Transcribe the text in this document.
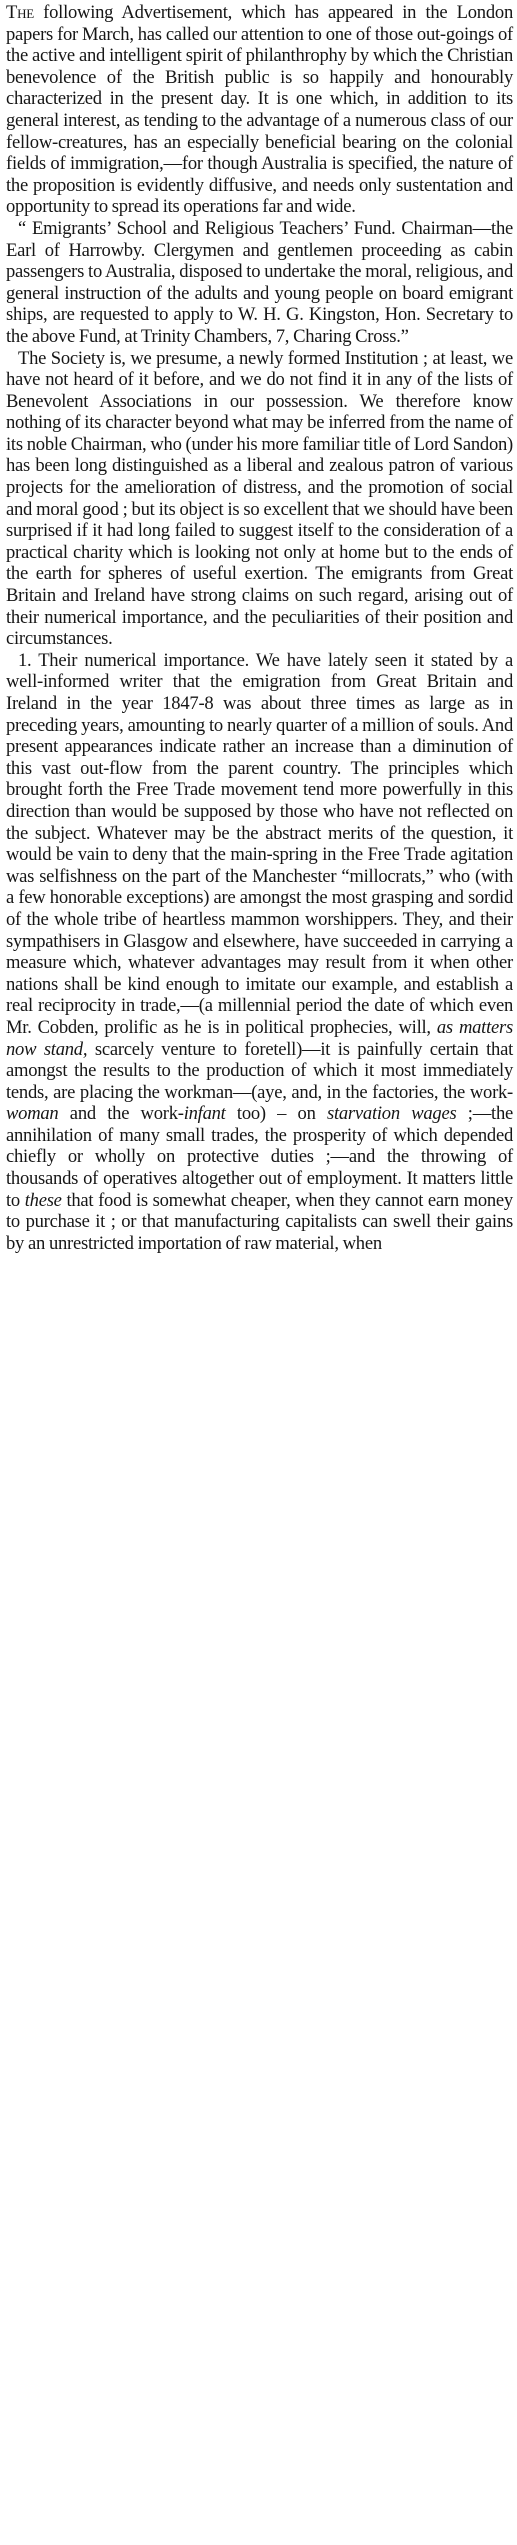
The following Advertisement, which has appeared in the London papers for March, has called our attention to one of those out-goings of the active and intelligent spirit of philanthrophy by which the Christian benevolence of the British public is so happily and honourably characterized in the present day. It is one which, in addition to its general interest, as tending to the advantage of a numerous class of our fellow-creatures, has an especially beneficial bearing on the colonial fields of immigration,—for though Australia is specified, the nature of the proposition is evidently diffusive, and needs only sustentation and opportunity to spread its operations far and wide.

“ Emigrants’ School and Religious Teachers’ Fund. Chairman—the Earl of Harrowby. Clergymen and gentlemen proceeding as cabin passengers to Australia, disposed to undertake the moral, religious, and general instruction of the adults and young people on board emigrant ships, are requested to apply to W. H. G. Kingston, Hon. Secretary to the above Fund, at Trinity Chambers, 7, Charing Cross.”

The Society is, we presume, a newly formed Institution ; at least, we have not heard of it before, and we do not find it in any of the lists of Benevolent Associations in our possession. We therefore know nothing of its character beyond what may be inferred from the name of its noble Chairman, who (under his more familiar title of Lord Sandon) has been long distinguished as a liberal and zealous patron of various projects for the amelioration of distress, and the promotion of social and moral good ; but its object is so excellent that we should have been surprised if it had long failed to suggest itself to the consideration of a practical charity which is looking not only at home but to the ends of the earth for spheres of useful exertion. The emigrants from Great Britain and Ireland have strong claims on such regard, arising out of their numerical importance, and the peculiarities of their position and circumstances.

1. Their numerical importance. We have lately seen it stated by a well-informed writer that the emigration from Great Britain and Ireland in the year 1847-8 was about three times as large as in preceding years, amounting to nearly quarter of a million of souls. And present appearances indicate rather an increase than a diminution of this vast out-flow from the parent country. The principles which brought forth the Free Trade movement tend more powerfully in this direction than would be supposed by those who have not reflected on the subject. Whatever may be the abstract merits of the question, it would be vain to deny that the main-spring in the Free Trade agitation was selfishness on the part of the Manchester “millocrats,” who (with a few honorable exceptions) are amongst the most grasping and sordid of the whole tribe of heartless mammon worshippers. They, and their sympathisers in Glasgow and elsewhere, have succeeded in carrying a measure which, whatever advantages may result from it when other nations shall be kind enough to imitate our example, and establish a real reciprocity in trade,—(a millennial period the date of which even Mr. Cobden, prolific as he is in political prophecies, will, as matters now stand, scarcely venture to foretell)—it is painfully certain that amongst the results to the production of which it most immediately tends, are placing the workman—(aye, and, in the factories, the work-woman and the work-infant too) – on starvation wages ;—the annihilation of many small trades, the prosperity of which depended chiefly or wholly on protective duties ;—and the throwing of thousands of operatives altogether out of employment. It matters little to these that food is somewhat cheaper, when they cannot earn money to purchase it ; or that manufacturing capitalists can swell their gains by an unrestricted importation of raw material, when
